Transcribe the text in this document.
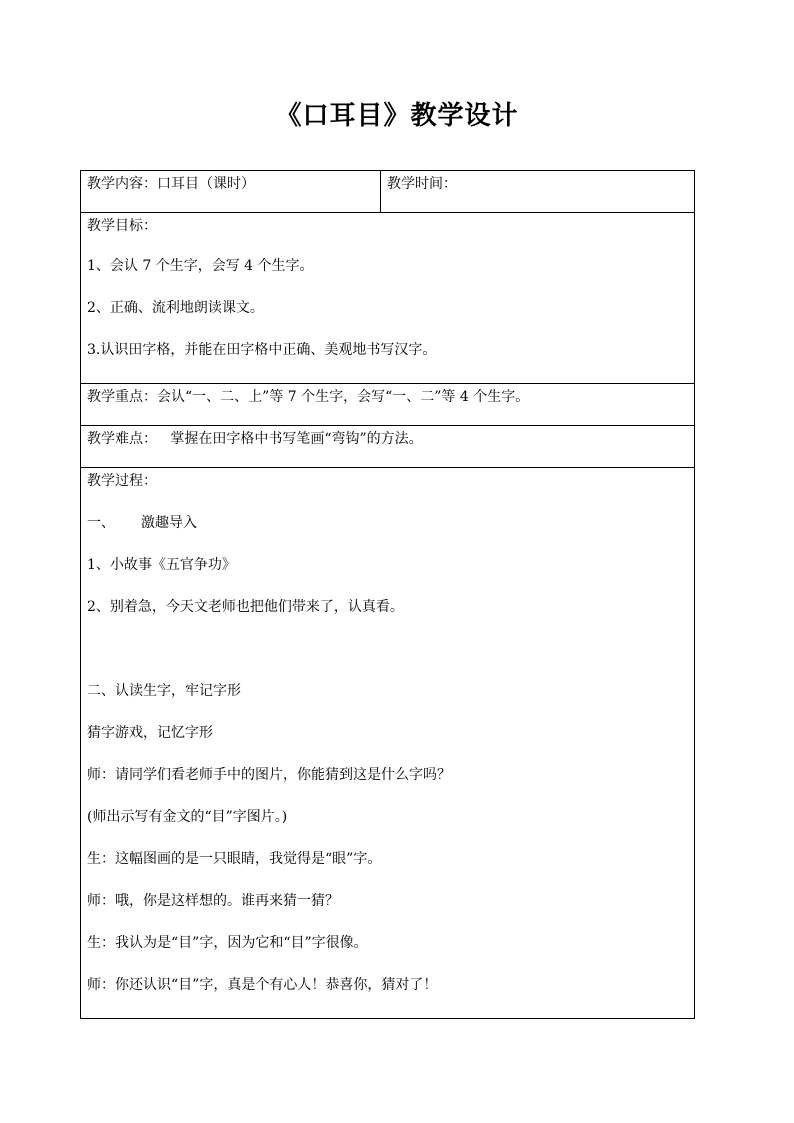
《口耳目》教学设计
教学内容：口耳目（课时）	教学时间：

教学目标：
1、会认 7 个生字，会写 4 个生字。
2、正确、流利地朗读课文。
3.认识田字格，并能在田字格中正确、美观地书写汉字。

教学重点：会认“一、二、上”等 7 个生字，会写“一、二”等 4 个生字。

教学难点：   掌握在田字格中书写笔画“弯钩”的方法。

教学过程：
一、 激趣导入
1、小故事《五官争功》
2、别着急，今天文老师也把他们带来了，认真看。
二、认读生字，牢记字形
猜字游戏，记忆字形
师：请同学们看老师手中的图片，你能猜到这是什么字吗？
(师出示写有金文的“目”字图片。)
生：这幅图画的是一只眼睛，我觉得是“眼”字。
师：哦，你是这样想的。谁再来猜一猜？
生：我认为是“目”字，因为它和“目”字很像。
师：你还认识“目”字，真是个有心人！恭喜你，猜对了！
